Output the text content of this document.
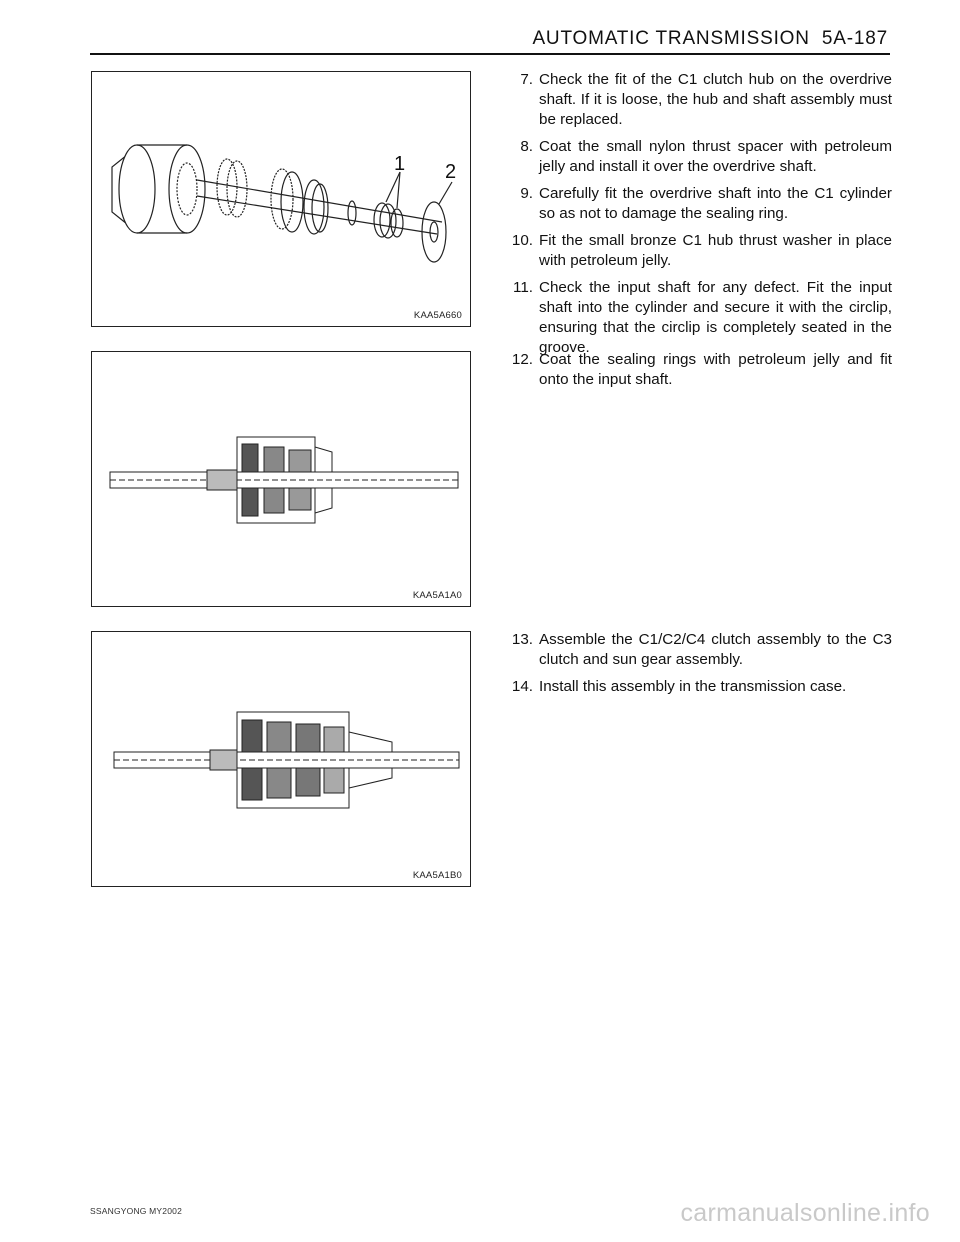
AUTOMATIC TRANSMISSION 5A-187
1 2
KAA5A660
KAA5A1A0
KAA5A1B0
7. Check the fit of the C1 clutch hub on the overdrive shaft. If it is loose, the hub and shaft assembly must be replaced.
8. Coat the small nylon thrust spacer with petroleum jelly and install it over the overdrive shaft.
9. Carefully fit the overdrive shaft into the C1 cylinder so as not to damage the sealing ring.
10. Fit the small bronze C1 hub thrust washer in place with petroleum jelly.
11. Check the input shaft for any defect. Fit the input shaft into the cylinder and secure it with the circlip, ensuring that the circlip is completely seated in the groove.
12. Coat the sealing rings with petroleum jelly and fit onto the input shaft.
13. Assemble the C1/C2/C4 clutch assembly to the C3 clutch and sun gear assembly.
14. Install this assembly in the transmission case.
SSANGYONG MY2002	carmanualsonline.info
